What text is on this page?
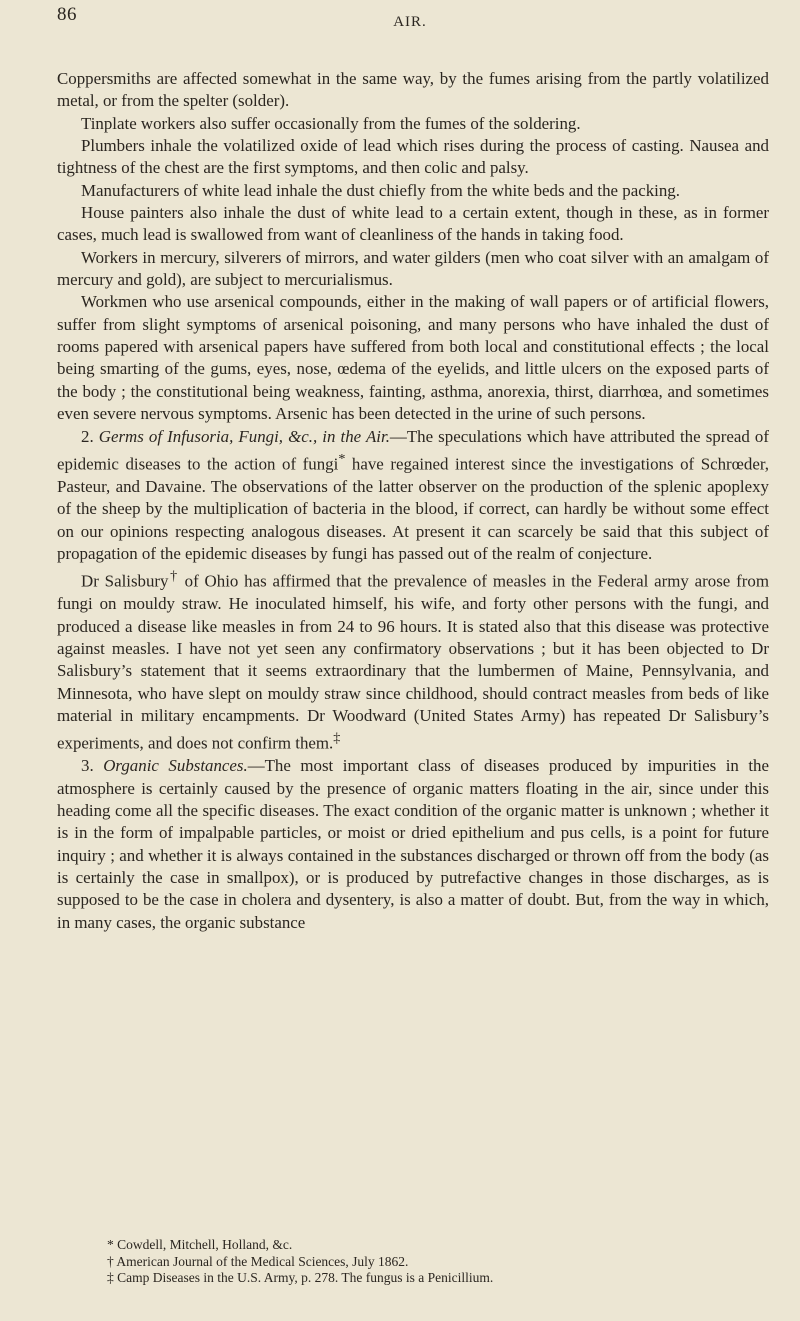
86	AIR.

Coppersmiths are affected somewhat in the same way, by the fumes arising from the partly volatilized metal, or from the spelter (solder).

Tinplate workers also suffer occasionally from the fumes of the soldering.

Plumbers inhale the volatilized oxide of lead which rises during the process of casting. Nausea and tightness of the chest are the first symptoms, and then colic and palsy.

Manufacturers of white lead inhale the dust chiefly from the white beds and the packing.

House painters also inhale the dust of white lead to a certain extent, though in these, as in former cases, much lead is swallowed from want of cleanliness of the hands in taking food.

Workers in mercury, silverers of mirrors, and water gilders (men who coat silver with an amalgam of mercury and gold), are subject to mercurialismus.

Workmen who use arsenical compounds, either in the making of wall papers or of artificial flowers, suffer from slight symptoms of arsenical poisoning, and many persons who have inhaled the dust of rooms papered with arsenical papers have suffered from both local and constitutional effects ; the local being smarting of the gums, eyes, nose, œdema of the eyelids, and little ulcers on the exposed parts of the body ; the constitutional being weakness, fainting, asthma, anorexia, thirst, diarrhœa, and sometimes even severe nervous symptoms. Arsenic has been detected in the urine of such persons.

2. Germs of Infusoria, Fungi, &c., in the Air.—The speculations which have attributed the spread of epidemic diseases to the action of fungi* have regained interest since the investigations of Schrœder, Pasteur, and Davaine. The observations of the latter observer on the production of the splenic apoplexy of the sheep by the multiplication of bacteria in the blood, if correct, can hardly be without some effect on our opinions respecting analogous diseases. At present it can scarcely be said that this subject of propagation of the epidemic diseases by fungi has passed out of the realm of conjecture.

Dr Salisbury† of Ohio has affirmed that the prevalence of measles in the Federal army arose from fungi on mouldy straw. He inoculated himself, his wife, and forty other persons with the fungi, and produced a disease like measles in from 24 to 96 hours. It is stated also that this disease was protective against measles. I have not yet seen any confirmatory observations ; but it has been objected to Dr Salisbury’s statement that it seems extraordinary that the lumbermen of Maine, Pennsylvania, and Minnesota, who have slept on mouldy straw since childhood, should contract measles from beds of like material in military encampments. Dr Woodward (United States Army) has repeated Dr Salisbury’s experiments, and does not confirm them.‡

3. Organic Substances.—The most important class of diseases produced by impurities in the atmosphere is certainly caused by the presence of organic matters floating in the air, since under this heading come all the specific diseases. The exact condition of the organic matter is unknown ; whether it is in the form of impalpable particles, or moist or dried epithelium and pus cells, is a point for future inquiry ; and whether it is always contained in the substances discharged or thrown off from the body (as is certainly the case in smallpox), or is produced by putrefactive changes in those discharges, as is supposed to be the case in cholera and dysentery, is also a matter of doubt. But, from the way in which, in many cases, the organic substance

* Cowdell, Mitchell, Holland, &c.
† American Journal of the Medical Sciences, July 1862.
‡ Camp Diseases in the U.S. Army, p. 278. The fungus is a Penicillium.
